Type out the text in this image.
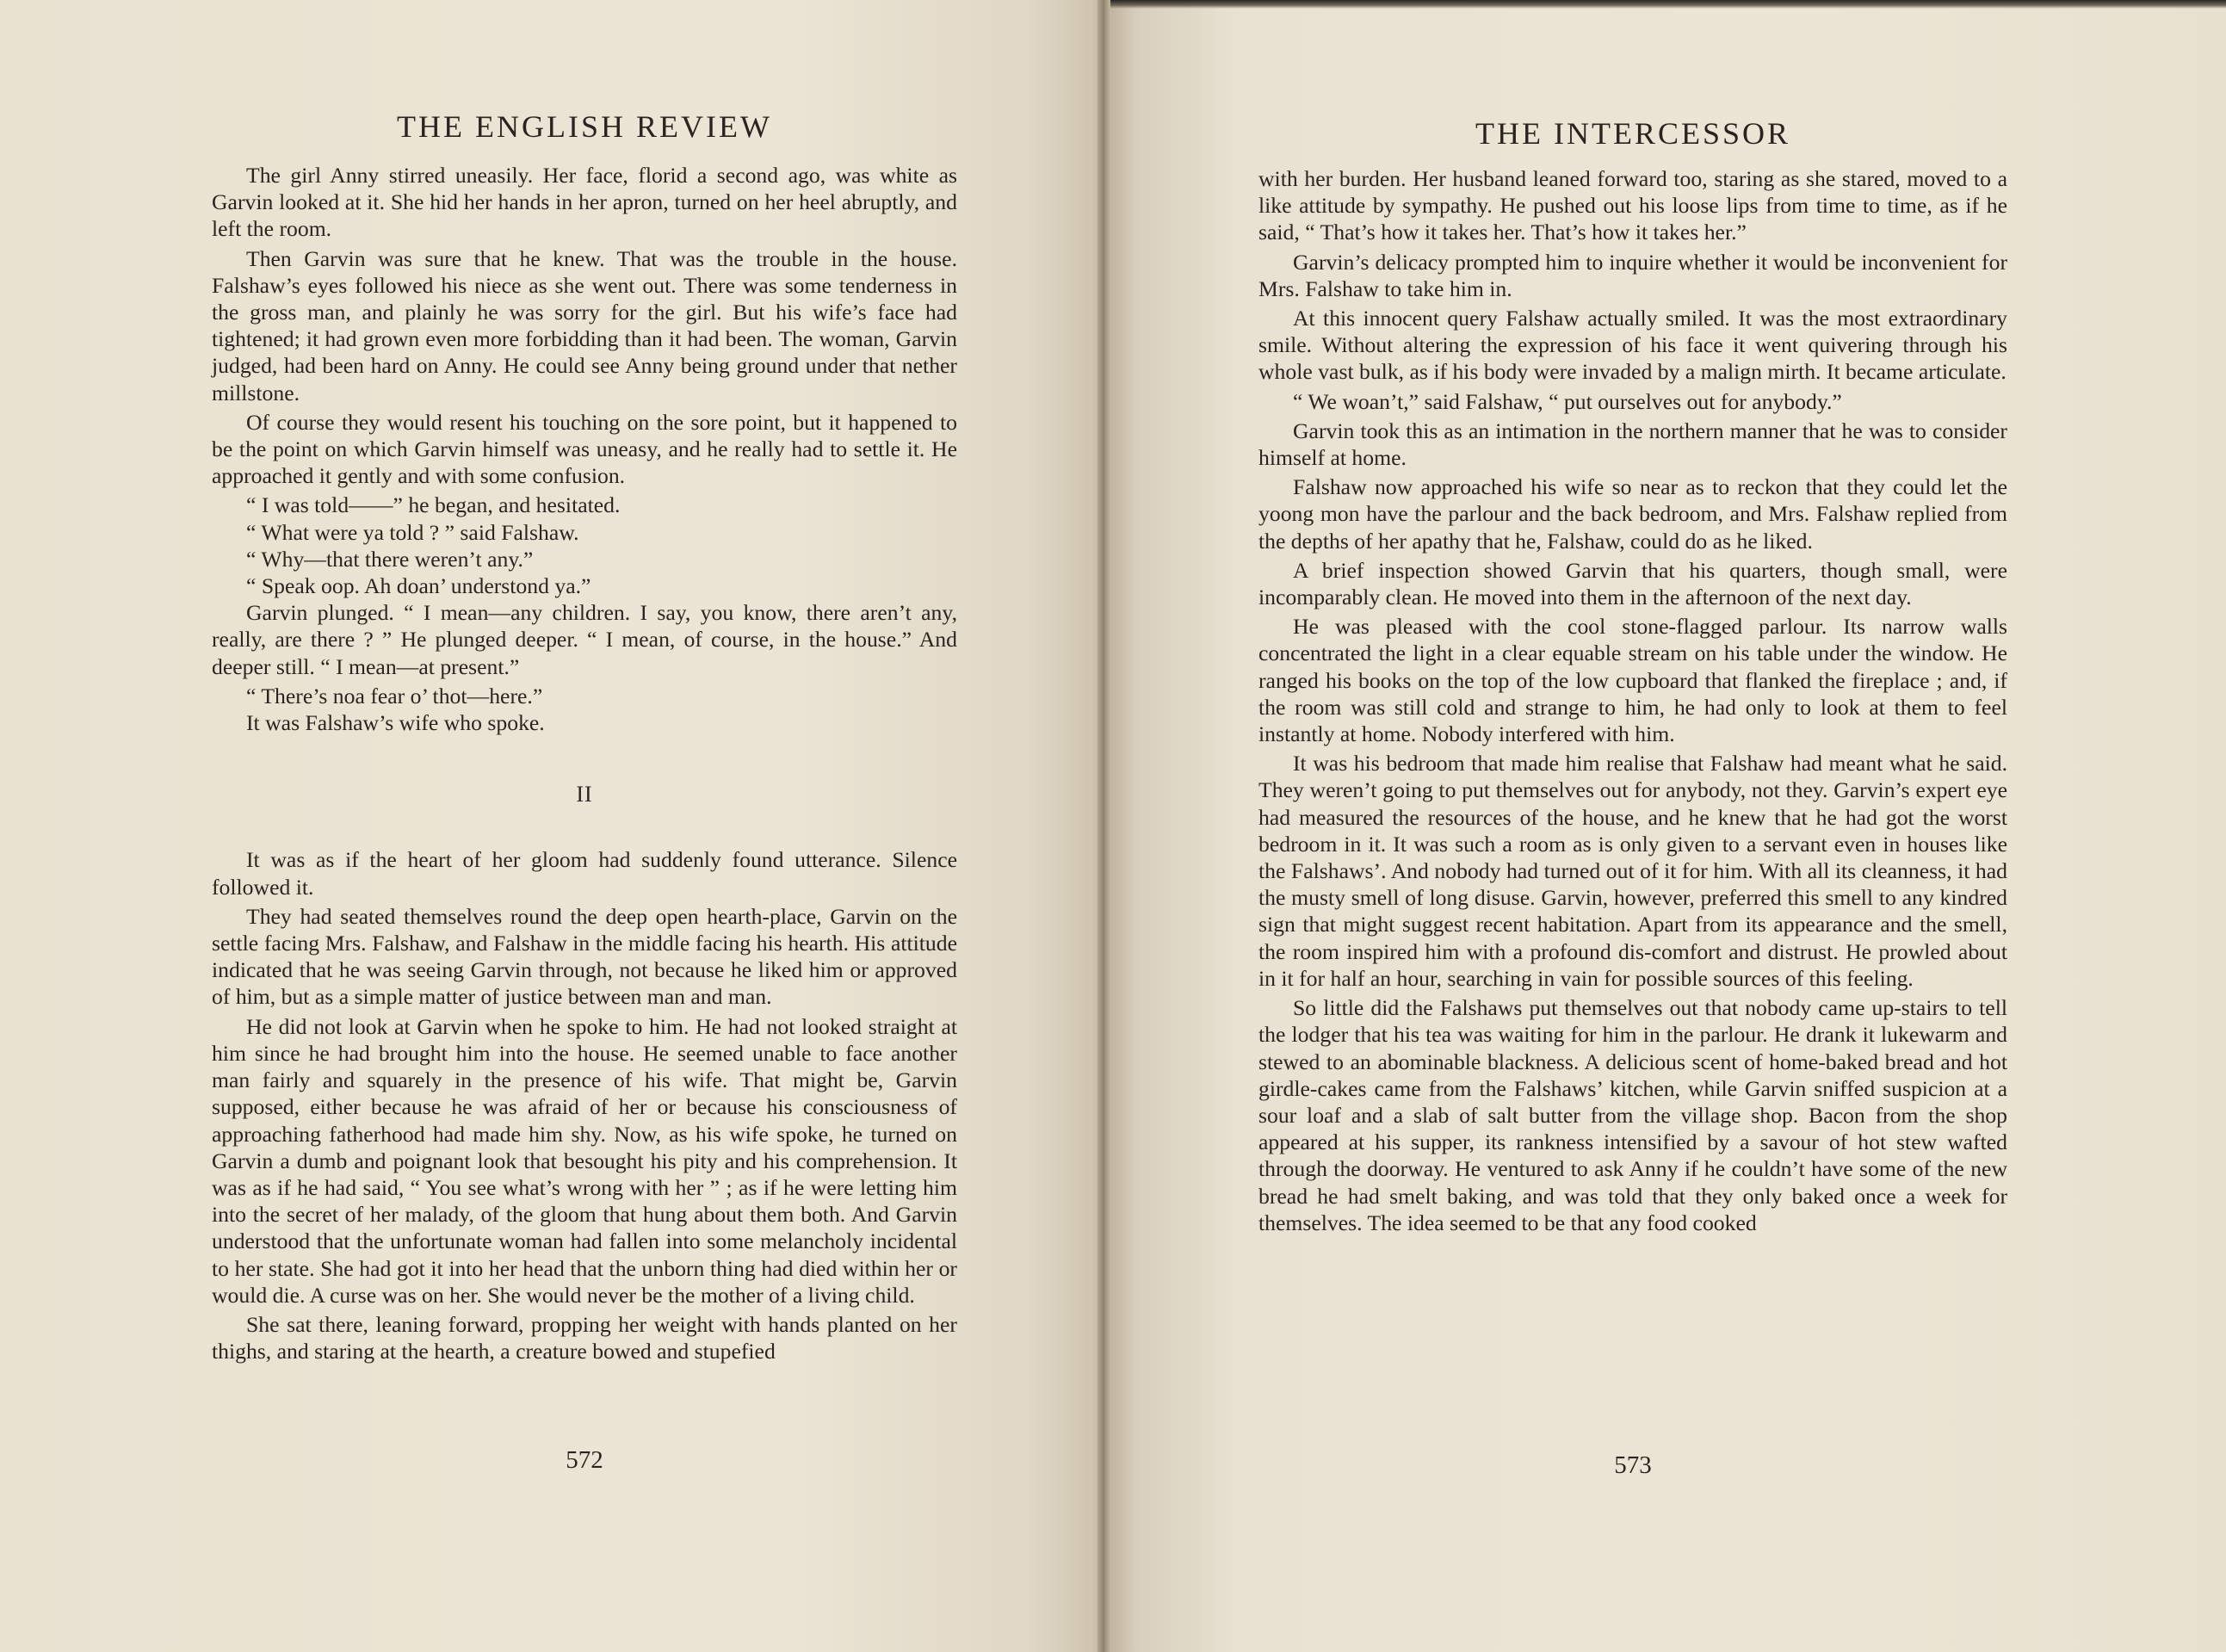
THE ENGLISH REVIEW

The girl Anny stirred uneasily. Her face, florid a second ago, was white as Garvin looked at it. She hid her hands in her apron, turned on her heel abruptly, and left the room.

Then Garvin was sure that he knew. That was the trouble in the house. Falshaw’s eyes followed his niece as she went out. There was some tenderness in the gross man, and plainly he was sorry for the girl. But his wife’s face had tightened; it had grown even more forbidding than it had been. The woman, Garvin judged, had been hard on Anny. He could see Anny being ground under that nether millstone.

Of course they would resent his touching on the sore point, but it happened to be the point on which Garvin himself was uneasy, and he really had to settle it. He approached it gently and with some confusion.

“ I was told——” he began, and hesitated.

“ What were ya told ? ” said Falshaw.

“ Why—that there weren’t any.”

“ Speak oop. Ah doan’ understond ya.”

Garvin plunged. “ I mean—any children. I say, you know, there aren’t any, really, are there ? ” He plunged deeper. “ I mean, of course, in the house.” And deeper still. “ I mean—at present.”

“ There’s noa fear o’ thot—here.”

It was Falshaw’s wife who spoke.

II

It was as if the heart of her gloom had suddenly found utterance. Silence followed it.

They had seated themselves round the deep open hearth-place, Garvin on the settle facing Mrs. Falshaw, and Falshaw in the middle facing his hearth. His attitude indicated that he was seeing Garvin through, not because he liked him or approved of him, but as a simple matter of justice between man and man.

He did not look at Garvin when he spoke to him. He had not looked straight at him since he had brought him into the house. He seemed unable to face another man fairly and squarely in the presence of his wife. That might be, Garvin supposed, either because he was afraid of her or because his consciousness of approaching fatherhood had made him shy. Now, as his wife spoke, he turned on Garvin a dumb and poignant look that besought his pity and his comprehension. It was as if he had said, “ You see what’s wrong with her ” ; as if he were letting him into the secret of her malady, of the gloom that hung about them both. And Garvin understood that the unfortunate woman had fallen into some melancholy incidental to her state. She had got it into her head that the unborn thing had died within her or would die. A curse was on her. She would never be the mother of a living child.

She sat there, leaning forward, propping her weight with hands planted on her thighs, and staring at the hearth, a creature bowed and stupefied

572
THE INTERCESSOR

with her burden. Her husband leaned forward too, staring as she stared, moved to a like attitude by sympathy. He pushed out his loose lips from time to time, as if he said, “ That’s how it takes her. That’s how it takes her.”

Garvin’s delicacy prompted him to inquire whether it would be inconvenient for Mrs. Falshaw to take him in.

At this innocent query Falshaw actually smiled. It was the most extraordinary smile. Without altering the expression of his face it went quivering through his whole vast bulk, as if his body were invaded by a malign mirth. It became articulate.

“ We woan’t,” said Falshaw, “ put ourselves out for anybody.”

Garvin took this as an intimation in the northern manner that he was to consider himself at home.

Falshaw now approached his wife so near as to reckon that they could let the yoong mon have the parlour and the back bedroom, and Mrs. Falshaw replied from the depths of her apathy that he, Falshaw, could do as he liked.

A brief inspection showed Garvin that his quarters, though small, were incomparably clean. He moved into them in the afternoon of the next day.

He was pleased with the cool stone-flagged parlour. Its narrow walls concentrated the light in a clear equable stream on his table under the window. He ranged his books on the top of the low cupboard that flanked the fireplace ; and, if the room was still cold and strange to him, he had only to look at them to feel instantly at home. Nobody interfered with him.

It was his bedroom that made him realise that Falshaw had meant what he said. They weren’t going to put themselves out for anybody, not they. Garvin’s expert eye had measured the resources of the house, and he knew that he had got the worst bedroom in it. It was such a room as is only given to a servant even in houses like the Falshaws’. And nobody had turned out of it for him. With all its cleanness, it had the musty smell of long disuse. Garvin, however, preferred this smell to any kindred sign that might suggest recent habitation. Apart from its appearance and the smell, the room inspired him with a profound dis-comfort and distrust. He prowled about in it for half an hour, searching in vain for possible sources of this feeling.

So little did the Falshaws put themselves out that nobody came up-stairs to tell the lodger that his tea was waiting for him in the parlour. He drank it lukewarm and stewed to an abominable blackness. A delicious scent of home-baked bread and hot girdle-cakes came from the Falshaws’ kitchen, while Garvin sniffed suspicion at a sour loaf and a slab of salt butter from the village shop. Bacon from the shop appeared at his supper, its rankness intensified by a savour of hot stew wafted through the doorway. He ventured to ask Anny if he couldn’t have some of the new bread he had smelt baking, and was told that they only baked once a week for themselves. The idea seemed to be that any food cooked

573
